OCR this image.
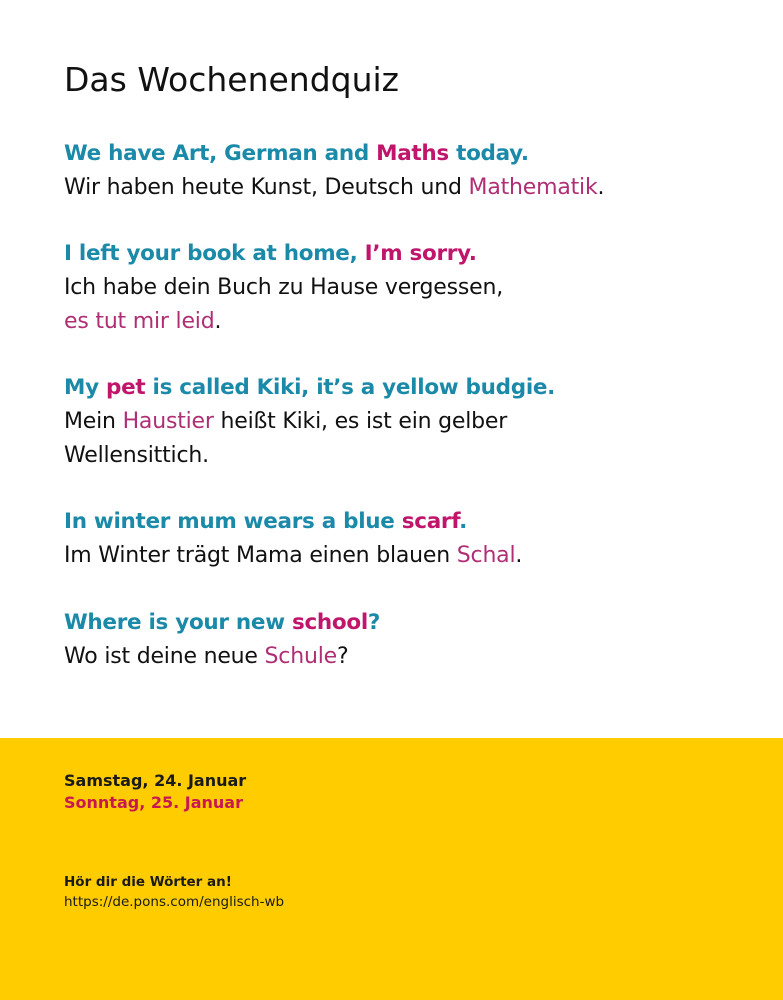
Das Wochenendquiz
We have Art, German and Maths today.
Wir haben heute Kunst, Deutsch und Mathematik.
I left your book at home, I’m sorry.
Ich habe dein Buch zu Hause vergessen,
es tut mir leid.
My pet is called Kiki, it’s a yellow budgie.
Mein Haustier heißt Kiki, es ist ein gelber
Wellensittich.
In winter mum wears a blue scarf.
Im Winter trägt Mama einen blauen Schal.
Where is your new school?
Wo ist deine neue Schule?
Samstag, 24. Januar
Sonntag, 25. Januar
Hör dir die Wörter an!
https://de.pons.com/englisch-wb
